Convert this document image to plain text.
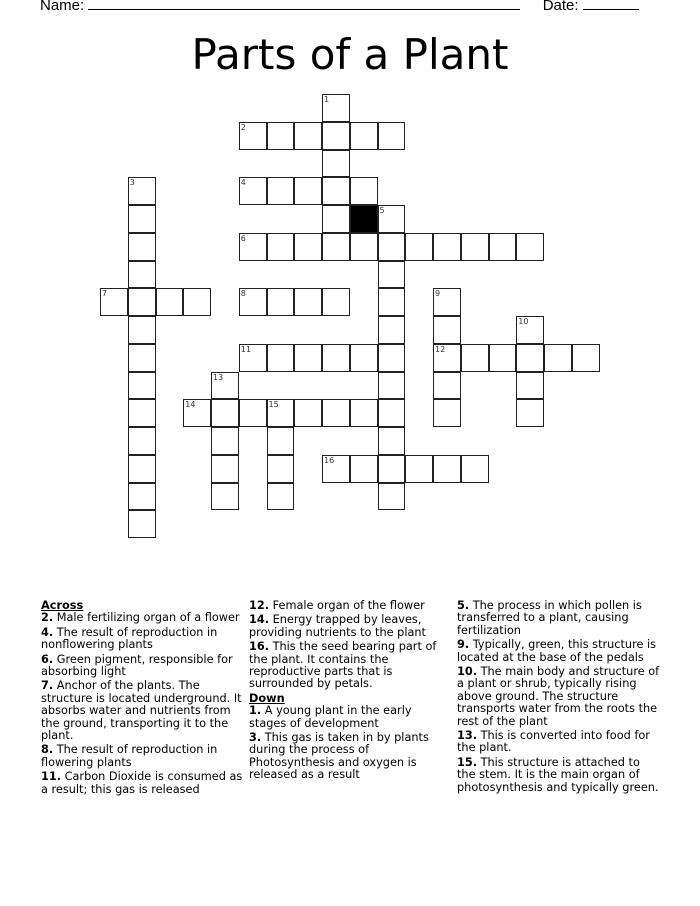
Name:	Date:
Parts of a Plant
1
2
3	4
5
6
7	8	9
12
10
11
13
14	15
16
Across
2. Male fertilizing organ of a flower
4. The result of reproduction in nonflowering plants
6. Green pigment, responsible for absorbing light
7. Anchor of the plants. The structure is located underground. It absorbs water and nutrients from the ground, transporting it to the plant.
8. The result of reproduction in flowering plants
11. Carbon Dioxide is consumed as a result; this gas is released
12. Female organ of the flower
14. Energy trapped by leaves, providing nutrients to the plant
16. This the seed bearing part of the plant. It contains the reproductive parts that is surrounded by petals.
Down
1. A young plant in the early stages of development
3. This gas is taken in by plants during the process of Photosynthesis and oxygen is released as a result
5. The process in which pollen is transferred to a plant, causing fertilization
9. Typically, green, this structure is located at the base of the pedals
10. The main body and structure of a plant or shrub, typically rising above ground. The structure transports water from the roots the rest of the plant
13. This is converted into food for the plant.
15. This structure is attached to the stem. It is the main organ of photosynthesis and typically green.
